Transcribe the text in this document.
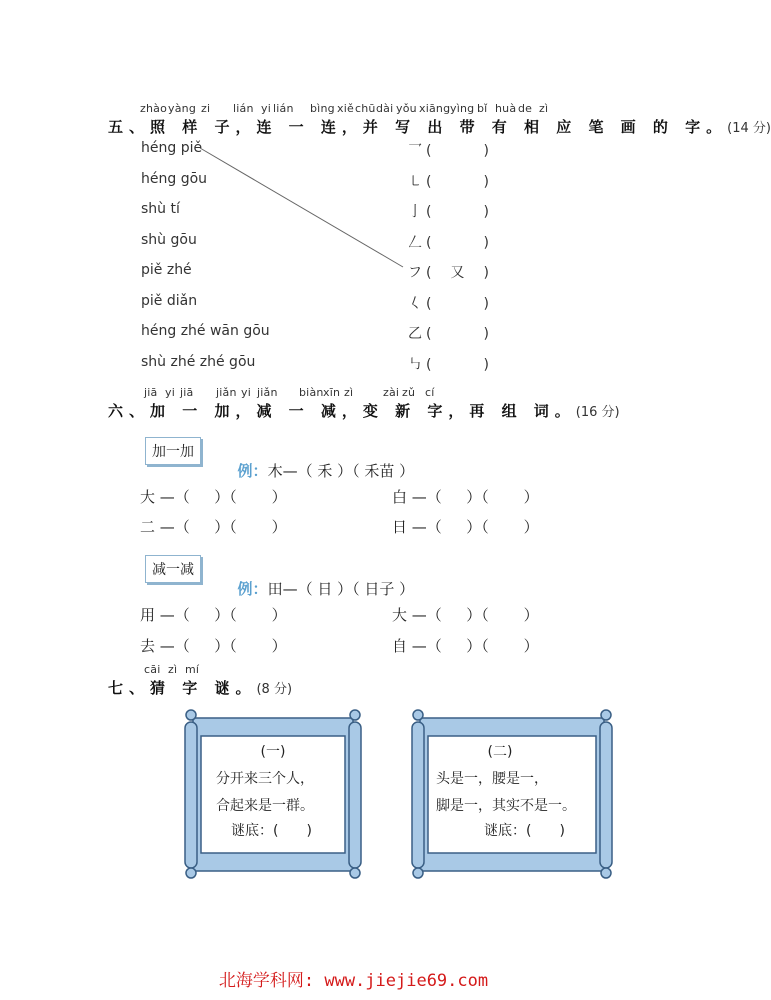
zhào yàng zi lián yi lián bìng xiě chū dài yǒu xiāng yìng bǐ huà de zì
五、照 样 子，连 一 连，并 写 出 带 有 相 应 笔 画 的 字。(14 分)
héng piě
héng gōu
shù tí
shù gōu
piě zhé
piě diǎn
héng zhé wān gōu
shù zhé zhé gōu
乛 (	)
㇄ (	)
亅 (	)
𠃋 (	)
フ ( 又 )
𡿨 (	)
乙 (	)
㇉ (	)
jiā yi jiā jiǎn yi jiǎn biàn xīn zì	zài zǔ cí
六、加 一 加，减 一 减，变 新 字，再 组 词。(16 分)
加一加

例：木—（ 禾 ）（ 禾苗 ）

大 —（　  ）（　　 ）	白 —（　  ）（　　 ）
二 —（　  ）（　　 ）	日 —（　  ）（　　 ）
减一减

例：田—（ 日 ）（ 日子 ）

用 —（　  ）（　　 ）	大 —（　  ）（　　 ）
去 —（　  ）（　　 ）	自 —（　  ）（　　 ）
cāi zì mí
七、猜 字 谜。(8 分)
(一)
分开来三个人，
合起来是一群。
谜底：(　　)
(二)
头是一，腰是一，
脚是一，其实不是一。
谜底：(　　)
北海学科网: www.jiejie69.com
